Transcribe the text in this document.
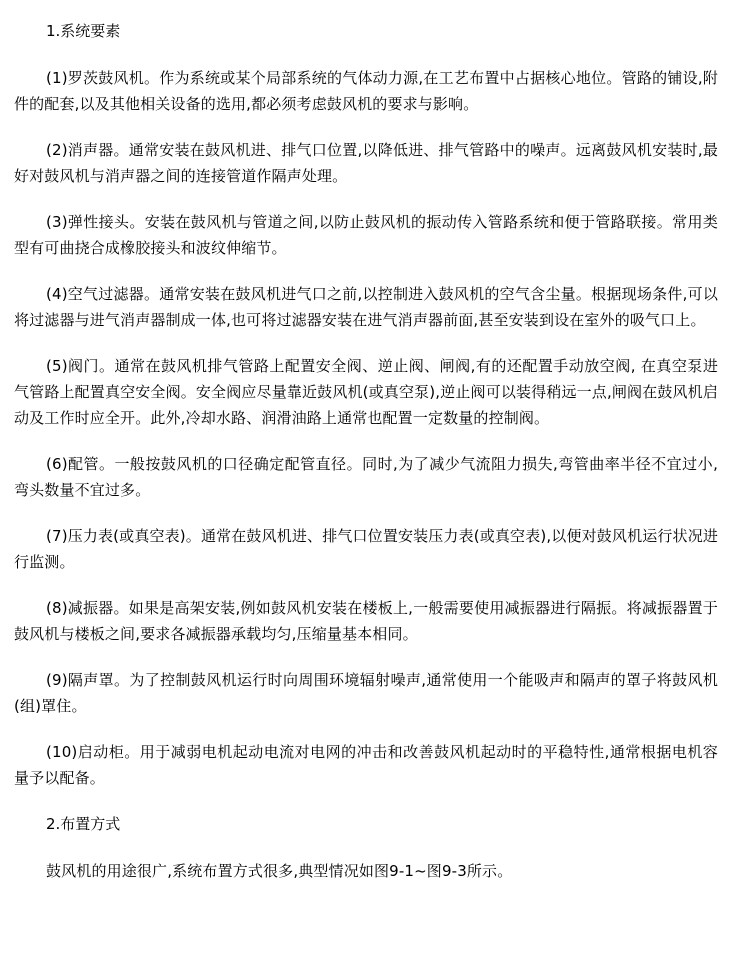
1.系统要素

(1)罗茨鼓风机。作为系统或某个局部系统的气体动力源,在工艺布置中占据核心地位。管路的铺设,附件的配套,以及其他相关设备的选用,都必须考虑鼓风机的要求与影响。

(2)消声器。通常安装在鼓风机进、排气口位置,以降低进、排气管路中的噪声。远离鼓风机安装时,最好对鼓风机与消声器之间的连接管道作隔声处理。

(3)弹性接头。安装在鼓风机与管道之间,以防止鼓风机的振动传入管路系统和便于管路联接。常用类型有可曲挠合成橡胶接头和波纹伸缩节。

(4)空气过滤器。通常安装在鼓风机进气口之前,以控制进入鼓风机的空气含尘量。根据现场条件,可以将过滤器与进气消声器制成一体,也可将过滤器安装在进气消声器前面,甚至安装到设在室外的吸气口上。

(5)阀门。通常在鼓风机排气管路上配置安全阀、逆止阀、闸阀,有的还配置手动放空阀, 在真空泵进气管路上配置真空安全阀。安全阀应尽量靠近鼓风机(或真空泵),逆止阀可以装得稍远一点,闸阀在鼓风机启动及工作时应全开。此外,冷却水路、润滑油路上通常也配置一定数量的控制阀。

(6)配管。一般按鼓风机的口径确定配管直径。同时,为了减少气流阻力损失,弯管曲率半径不宜过小,弯头数量不宜过多。

(7)压力表(或真空表)。通常在鼓风机进、排气口位置安装压力表(或真空表),以便对鼓风机运行状况进行监测。

(8)减振器。如果是高架安装,例如鼓风机安装在楼板上,一般需要使用减振器进行隔振。将减振器置于鼓风机与楼板之间,要求各减振器承载均匀,压缩量基本相同。

(9)隔声罩。为了控制鼓风机运行时向周围环境辐射噪声,通常使用一个能吸声和隔声的罩子将鼓风机(组)罩住。

(10)启动柜。用于减弱电机起动电流对电网的冲击和改善鼓风机起动时的平稳特性,通常根据电机容量予以配备。

2.布置方式

鼓风机的用途很广,系统布置方式很多,典型情况如图9-1~图9-3所示。
